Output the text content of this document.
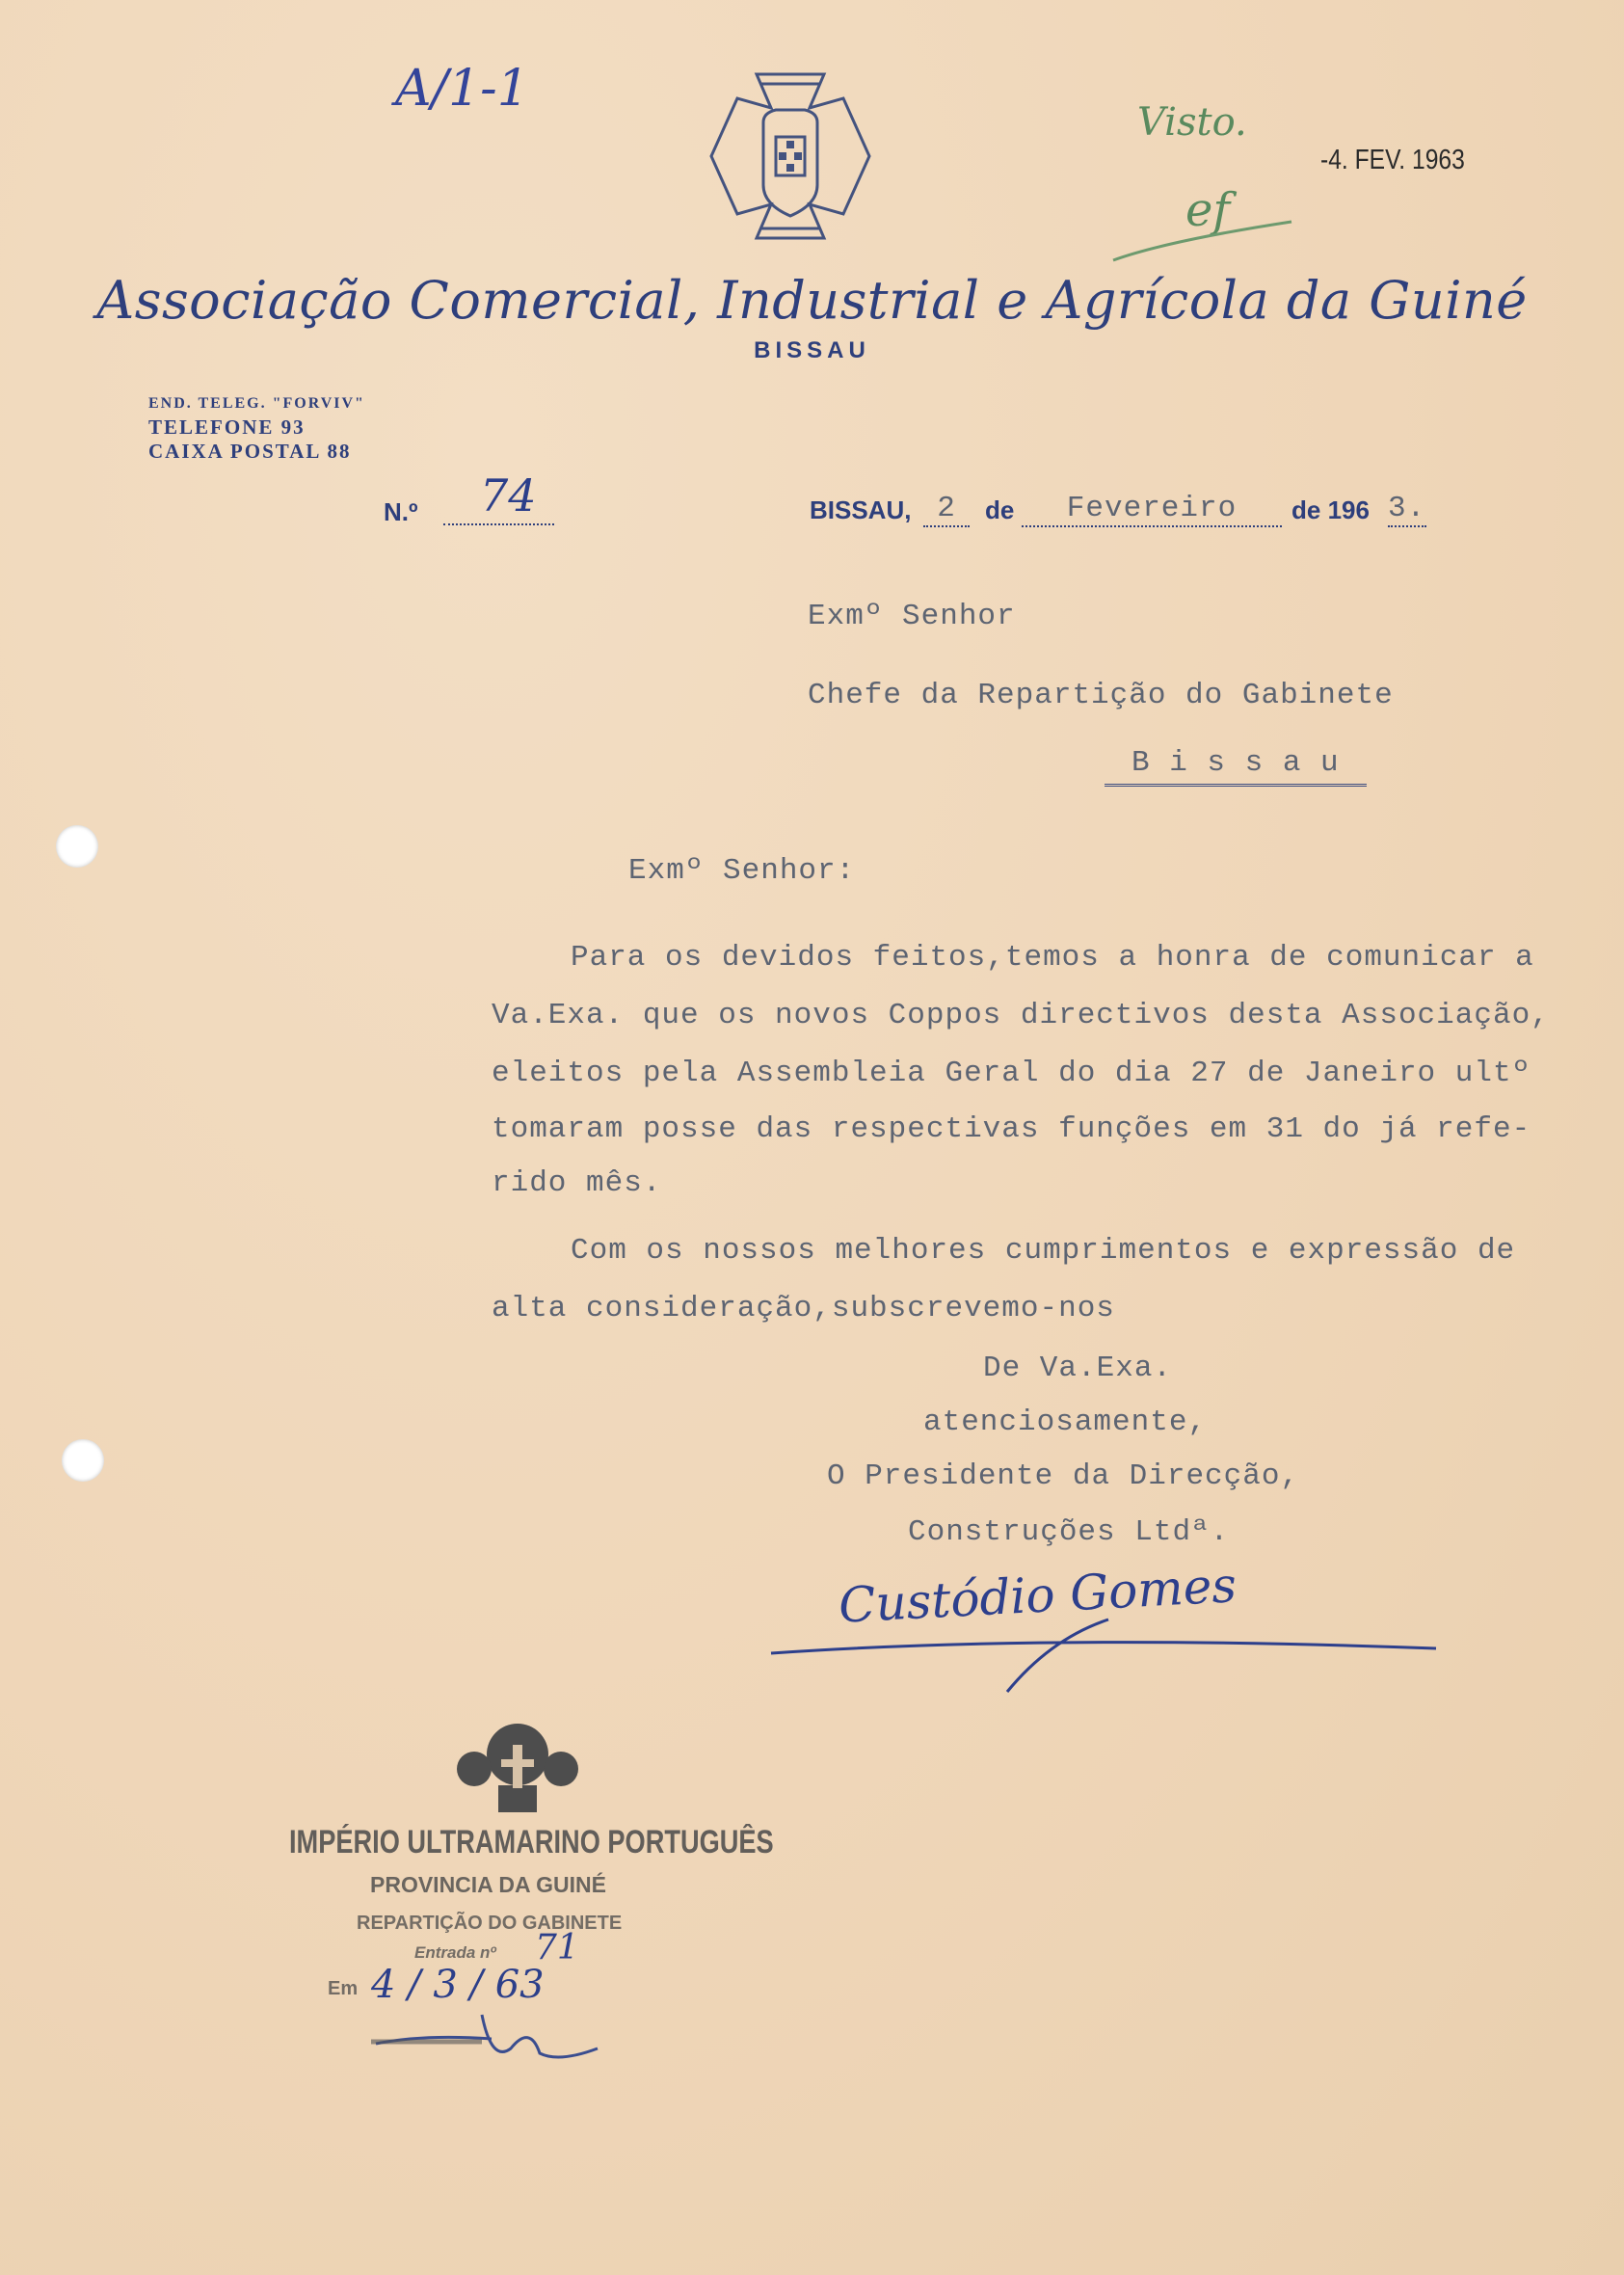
A/1-1
Associação Comercial, Industrial e Agrícola da Guiné
BISSAU
Visto.
ef
-4. FEV. 1963
END. TELEG. "FORVIV"
TELEFONE 93
CAIXA POSTAL 88
N.º 74	BISSAU, 2	de	Fevereiro	de 196 3.
Exmº Senhor
Chefe da Repartição do Gabinete
B i s s a u
Exmº Senhor:
Para os devidos feitos,temos a honra de comunicar a
Va.Exa. que os novos Coppos directivos desta Associação,
eleitos pela Assembleia Geral do dia 27 de Janeiro ultº
tomaram posse das respectivas funções em 31 do já refe-
rido mês.
Com os nossos melhores cumprimentos e expressão de
alta consideração,subscrevemo-nos
De Va.Exa.
atenciosamente,
O Presidente da Direcção,
Construções Ltdª.
Custódio Gomes
IMPÉRIO ULTRAMARINO PORTUGUÊS
PROVINCIA DA GUINÉ
REPARTIÇÃO DO GABINETE
Entrada nº 71
Em 4 / 3 / 63
